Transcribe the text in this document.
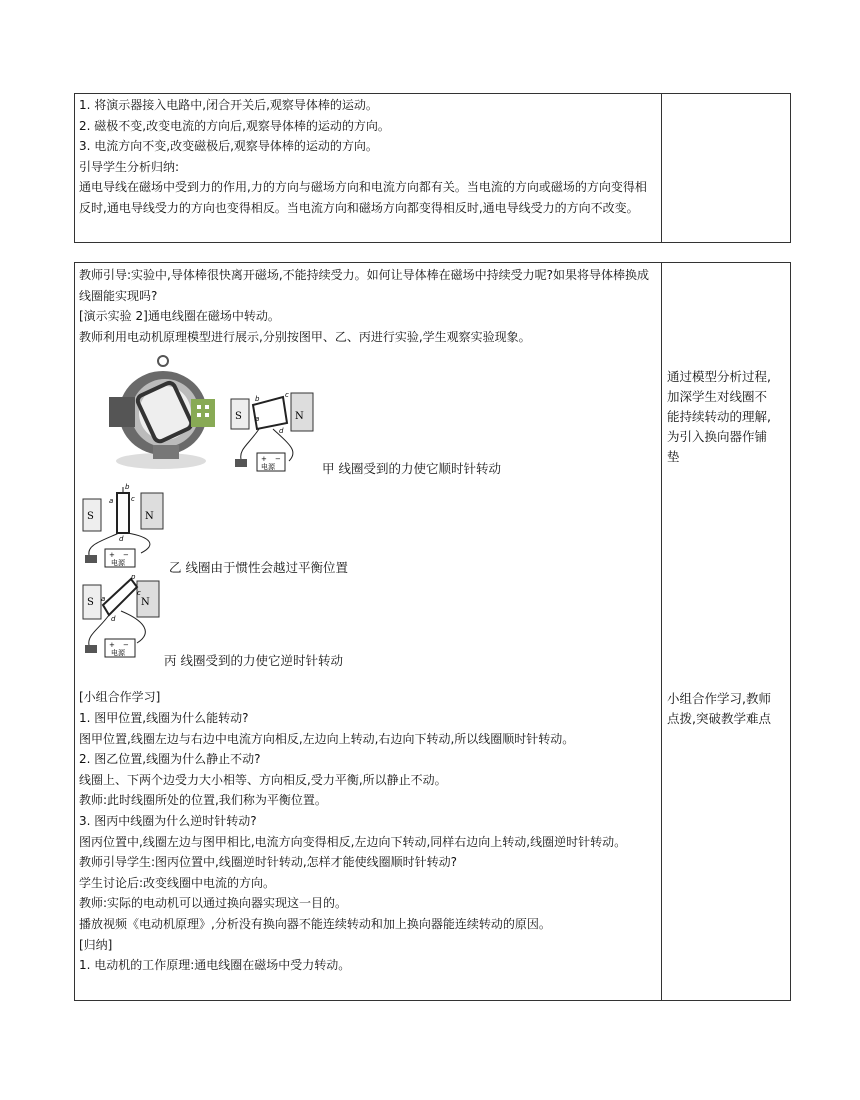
1. 将演示器接入电路中,闭合开关后,观察导体棒的运动。
2. 磁极不变,改变电流的方向后,观察导体棒的运动的方向。
3. 电流方向不变,改变磁极后,观察导体棒的运动的方向。
引导学生分析归纳:
通电导线在磁场中受到力的作用,力的方向与磁场方向和电流方向都有关。当电流的方向或磁场的方向变得相反时,通电导线受力的方向也变得相反。当电流方向和磁场方向都变得相反时,通电导线受力的方向不改变。
教师引导:实验中,导体棒很快离开磁场,不能持续受力。如何让导体棒在磁场中持续受力呢?如果将导体棒换成线圈能实现吗?
[演示实验 2]通电线圈在磁场中转动。
教师利用电动机原理模型进行展示,分别按图甲、乙、丙进行实验,学生观察实验现象。
S	N
b	c
a
d
+ −
电源	甲 线圈受到的力使它顺时针转动
S	N
b
a	c
d
+ −
电源	乙 线圈由于惯性会越过平衡位置
S	N
b
a
c
d
+ −
电源	丙 线圈受到的力使它逆时针转动
[小组合作学习]
1. 图甲位置,线圈为什么能转动?
图甲位置,线圈左边与右边中电流方向相反,左边向上转动,右边向下转动,所以线圈顺时针转动。
2. 图乙位置,线圈为什么静止不动?
线圈上、下两个边受力大小相等、方向相反,受力平衡,所以静止不动。
教师:此时线圈所处的位置,我们称为平衡位置。
3. 图丙中线圈为什么逆时针转动?
图丙位置中,线圈左边与图甲相比,电流方向变得相反,左边向下转动,同样右边向上转动,线圈逆时针转动。
教师引导学生:图丙位置中,线圈逆时针转动,怎样才能使线圈顺时针转动?
学生讨论后:改变线圈中电流的方向。
教师:实际的电动机可以通过换向器实现这一目的。
播放视频《电动机原理》,分析没有换向器不能连续转动和加上换向器能连续转动的原因。
[归纳]
1. 电动机的工作原理:通电线圈在磁场中受力转动。
通过模型分析过程,加深学生对线圈不能持续转动的理解,为引入换向器作铺垫
小组合作学习,教师点拨,突破教学难点
